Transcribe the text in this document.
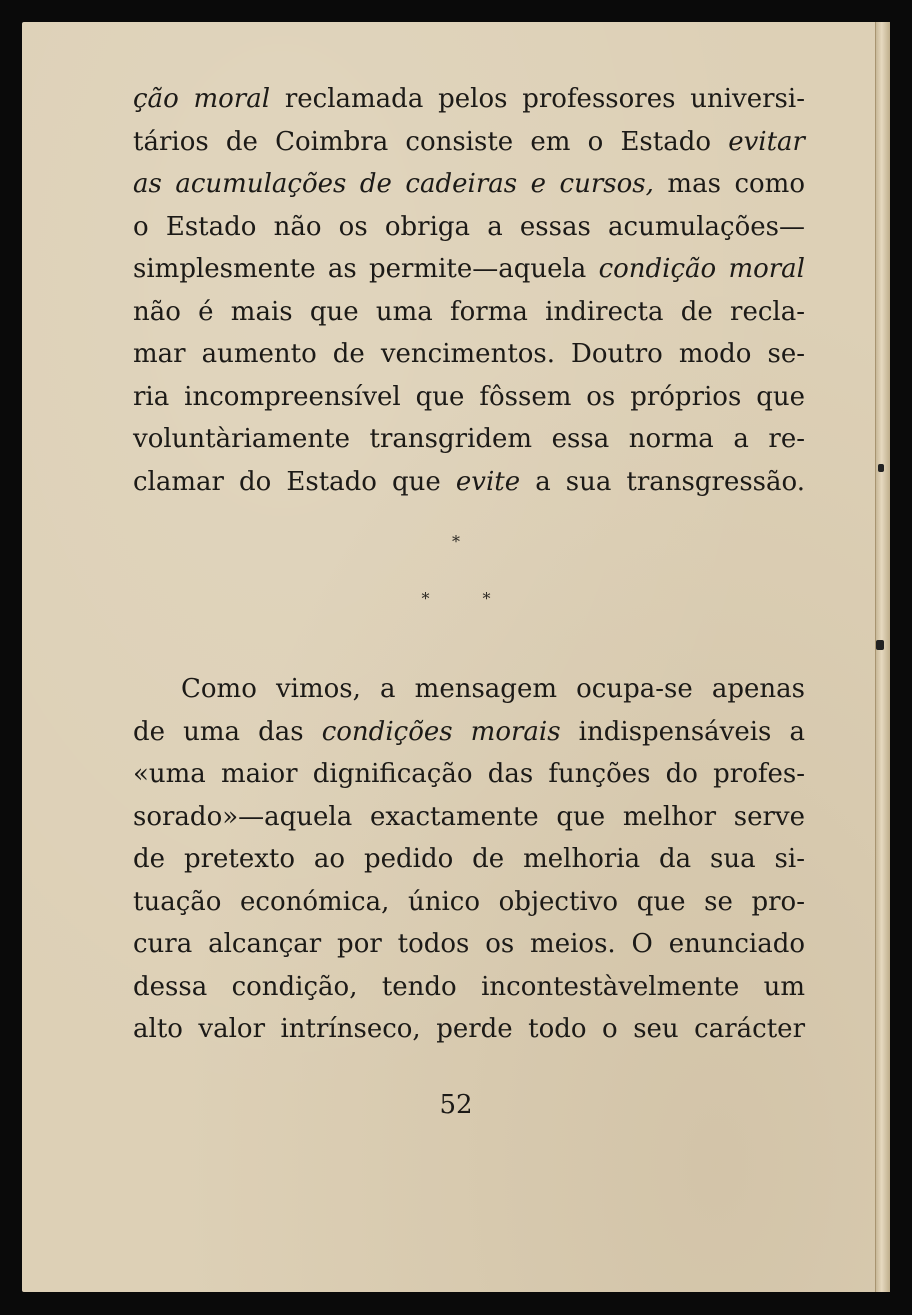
ção moral reclamada pelos professores universi-
tários de Coimbra consiste em o Estado evitar
as acumulações de cadeiras e cursos, mas como
o Estado não os obriga a essas acumulações—
simplesmente as permite—aquela condição moral
não é mais que uma forma indirecta de recla-
mar aumento de vencimentos. Doutro modo se-
ria incompreensível que fôssem os próprios que
voluntàriamente transgridem essa norma a re-
clamar do Estado que evite a sua transgressão.
*
* *
Como vimos, a mensagem ocupa-se apenas
de uma das condições morais indispensáveis a
«uma maior dignificação das funções do profes-
sorado»—aquela exactamente que melhor serve
de pretexto ao pedido de melhoria da sua si-
tuação económica, único objectivo que se pro-
cura alcançar por todos os meios. O enunciado
dessa condição, tendo incontestàvelmente um
alto valor intrínseco, perde todo o seu carácter
52
